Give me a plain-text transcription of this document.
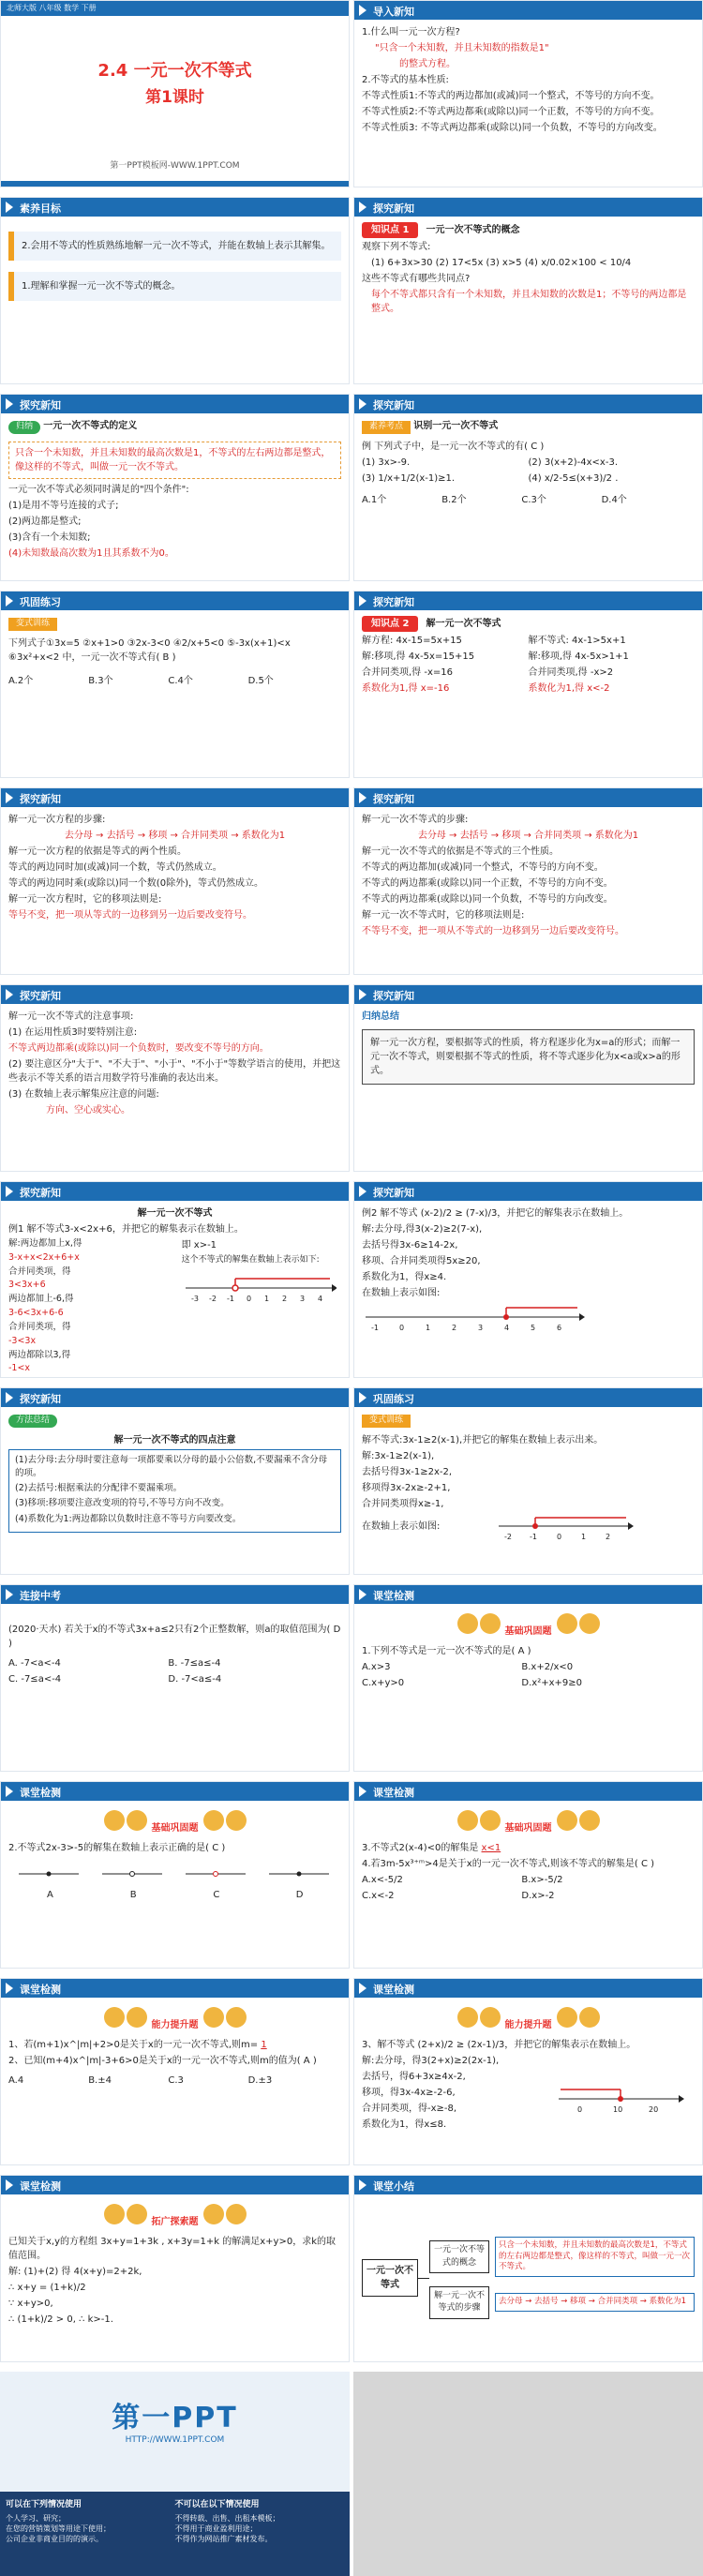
北师大版 八年级 数学 下册
2.4 一元一次不等式
第1课时
第一PPT模板网-WWW.1PPT.COM
导入新知

1.什么叫一元一次方程?

"只含一个未知数，并且未知数的指数是1"

的整式方程。

2.不等式的基本性质:

不等式性质1:不等式的两边都加(或减)同一个整式，不等号的方向不变。

不等式性质2:不等式两边都乘(或除以)同一个正数，不等号的方向不变。

不等式性质3: 不等式两边都乘(或除以)同一个负数，不等号的方向改变。

素养目标
2.会用不等式的性质熟练地解一元一次不等式，并能在数轴上表示其解集。
1.理解和掌握一元一次不等式的概念。
探究新知

知识点 1 一元一次不等式的概念

观察下列不等式:

(1) 6+3x>30 (2) 17<5x (3) x>5 (4) x/0.02×100 < 10/4

这些不等式有哪些共同点?

每个不等式都只含有一个未知数，并且未知数的次数是1；不等号的两边都是整式。

探究新知

归纳 一元一次不等式的定义

只含一个未知数，并且未知数的最高次数是1，不等式的左右两边都是整式，像这样的不等式，叫做一元一次不等式。

一元一次不等式必须同时满足的"四个条件":

(1)是用不等号连接的式子;

(2)两边都是整式;

(3)含有一个未知数;

(4)未知数最高次数为1且其系数不为0。

探究新知

素养考点 识别一元一次不等式

例 下列式子中，是一元一次不等式的有( C )

(1) 3x>-9.	(2) 3(x+2)-4x<x-3.

(3) 1/x+1/2(x-1)≥1.	(4) x/2-5≤(x+3)/2 .

A.1个	B.2个	C.3个	D.4个

巩固练习

变式训练

下列式子①3x=5 ②x+1>0 ③2x-3<0 ④2/x+5<0 ⑤-3x(x+1)<x ⑥3x²+x<2 中，一元一次不等式有( B )

A.2个	B.3个	C.4个	D.5个

探究新知

知识点 2 解一元一次不等式

解方程: 4x-15=5x+15

解:移项,得 4x-5x=15+15

合并同类项,得 -x=16

系数化为1,得 x=-16

解不等式: 4x-1>5x+1

解:移项,得 4x-5x>1+1

合并同类项,得 -x>2

系数化为1,得 x<-2

探究新知

解一元一次方程的步骤:

去分母 → 去括号 → 移项 → 合并同类项 → 系数化为1

解一元一次方程的依据是等式的两个性质。

等式的两边同时加(或减)同一个数，等式仍然成立。

等式的两边同时乘(或除以)同一个数(0除外)，等式仍然成立。

解一元一次方程时，它的移项法则是:

等号不变，把一项从等式的一边移到另一边后要改变符号。

探究新知

解一元一次不等式的步骤:

去分母 → 去括号 → 移项 → 合并同类项 → 系数化为1

解一元一次不等式的依据是不等式的三个性质。

不等式的两边都加(或减)同一个整式，不等号的方向不变。

不等式的两边都乘(或除以)同一个正数，不等号的方向不变。

不等式的两边都乘(或除以)同一个负数，不等号的方向改变。

解一元一次不等式时，它的移项法则是:

不等号不变，把一项从不等式的一边移到另一边后要改变符号。

探究新知

解一元一次不等式的注意事项:

(1) 在运用性质3时要特别注意:

不等式两边都乘(或除以)同一个负数时，要改变不等号的方向。

(2) 要注意区分"大于"、"不大于"、"小于"、"不小于"等数学语言的使用，并把这些表示不等关系的语言用数学符号准确的表达出来。

(3) 在数轴上表示解集应注意的问题:

方向、空心或实心。

探究新知

归纳总结

解一元一次方程，要根据等式的性质，将方程逐步化为x=a的形式；而解一元一次不等式，则要根据不等式的性质，将不等式逐步化为x<a或x>a的形式。
探究新知

解一元一次不等式

例1 解不等式3-x<2x+6，并把它的解集表示在数轴上。

解:两边都加上x,得

3-x+x<2x+6+x

合并同类项，得

3<3x+6

两边都加上-6,得

3-6<3x+6-6

合并同类项，得

-3<3x

两边都除以3,得

-1<x

即 x>-1

这个不等式的解集在数轴上表示如下:

-3 -2 -1 0 1 2 3 4
探究新知

例2 解不等式 (x-2)/2 ≥ (7-x)/3，并把它的解集表示在数轴上。

解:去分母,得3(x-2)≥2(7-x),

去括号得3x-6≥14-2x,

移项、合并同类项得5x≥20,

系数化为1，得x≥4.

在数轴上表示如图:

-1	0	1	2	3	4	5	6
探究新知

方法总结

解一元一次不等式的四点注意

(1)去分母:去分母时要注意每一项都要乘以分母的最小公倍数,不要漏乘不含分母的项。

(2)去括号:根据乘法的分配律不要漏乘项。

(3)移项:移项要注意改变项的符号,不等号方向不改变。

(4)系数化为1:两边都除以负数时注意不等号方向要改变。

巩固练习

变式训练

解不等式:3x-1≥2(x-1),并把它的解集在数轴上表示出来。

解:3x-1≥2(x-1),

去括号得3x-1≥2x-2,

移项得3x-2x≥-2+1,

合并同类项得x≥-1,

在数轴上表示如图:

-2 -1	0	1	2
连接中考

(2020·天水) 若关于x的不等式3x+a≤2只有2个正整数解，则a的取值范围为( D )

A. -7<a<-4	B. -7≤a≤-4

C. -7≤a<-4	D. -7<a≤-4

课堂检测
基础巩固题

1.下列不等式是一元一次不等式的是( A )

A.x>3	B.x+2/x<0

C.x+y>0	D.x²+x+9≥0

课堂检测
基础巩固题

2.不等式2x-3>-5的解集在数轴上表示正确的是( C )

A	B	C	D
课堂检测
基础巩固题

3.不等式2(x-4)<0的解集是 x<1

4.若3m-5x³⁺ᵐ>4是关于x的一元一次不等式,则该不等式的解集是( C )

A.x<-5/2	B.x>-5/2

C.x<-2	D.x>-2

课堂检测
能力提升题

1、若(m+1)x^|m|+2>0是关于x的一元一次不等式,则m= 1

2、已知(m+4)x^|m|-3+6>0是关于x的一元一次不等式,则m的值为( A )

A.4	B.±4	C.3	D.±3

课堂检测
能力提升题

3、解不等式 (2+x)/2 ≥ (2x-1)/3，并把它的解集表示在数轴上。

解:去分母，得3(2+x)≥2(2x-1),

去括号，得6+3x≥4x-2,

移项，得3x-4x≥-2-6,

合并同类项，得-x≥-8,

系数化为1，得x≤8.

0	10	20
课堂检测
拓广探索题

已知关于x,y的方程组 3x+y=1+3k , x+3y=1+k 的解满足x+y>0，求k的取值范围。

解: (1)+(2) 得 4(x+y)=2+2k,

∴ x+y = (1+k)/2

∵ x+y>0,

∴ (1+k)/2 > 0, ∴ k>-1.

课堂小结
一元一次不等式
一元一次不等式的概念
只含一个未知数，并且未知数的最高次数是1，不等式的左右两边都是整式，像这样的不等式，叫做一元一次不等式。
解一元一次不等式的步骤
去分母 → 去括号 → 移项 → 合并同类项 → 系数化为1
第一PPT
HTTP://WWW.1PPT.COM
可以在下列情况使用
个人学习、研究；
在您的营销策划等用途下使用；
公司企业非商业目的的演示。
不可以在以下情况使用
不得转载、出售、出租本模板；
不得用于商业盈利用途；
不得作为网站推广素材发布。
